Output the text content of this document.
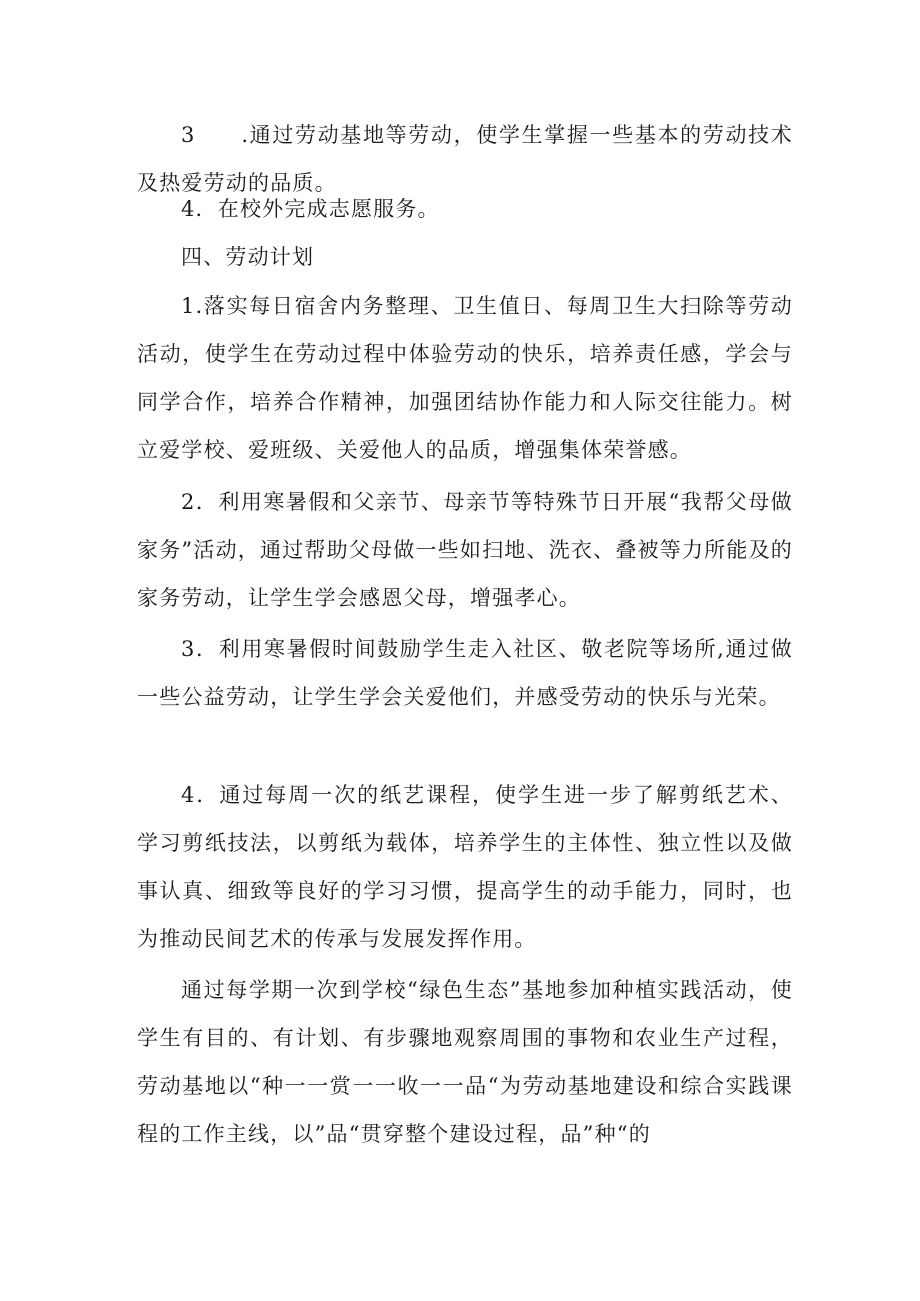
3　　.通过劳动基地等劳动，使学生掌握一些基本的劳动技术及热爱劳动的品质。

4．在校外完成志愿服务。

四、劳动计划

1.落实每日宿舍内务整理、卫生值日、每周卫生大扫除等劳动活动，使学生在劳动过程中体验劳动的快乐，培养责任感，学会与同学合作，培养合作精神，加强团结协作能力和人际交往能力。树立爱学校、爱班级、关爱他人的品质，增强集体荣誉感。

2．利用寒暑假和父亲节、母亲节等特殊节日开展“我帮父母做家务”活动，通过帮助父母做一些如扫地、洗衣、叠被等力所能及的家务劳动，让学生学会感恩父母，增强孝心。

3．利用寒暑假时间鼓励学生走入社区、敬老院等场所,通过做一些公益劳动，让学生学会关爱他们，并感受劳动的快乐与光荣。

4．通过每周一次的纸艺课程，使学生进一步了解剪纸艺术、学习剪纸技法，以剪纸为载体，培养学生的主体性、独立性以及做事认真、细致等良好的学习习惯，提高学生的动手能力，同时，也为推动民间艺术的传承与发展发挥作用。

通过每学期一次到学校“绿色生态”基地参加种植实践活动，使学生有目的、有计划、有步骤地观察周围的事物和农业生产过程，劳动基地以“种一一赏一一收一一品“为劳动基地建设和综合实践课程的工作主线，以”品“贯穿整个建设过程，品”种“的
